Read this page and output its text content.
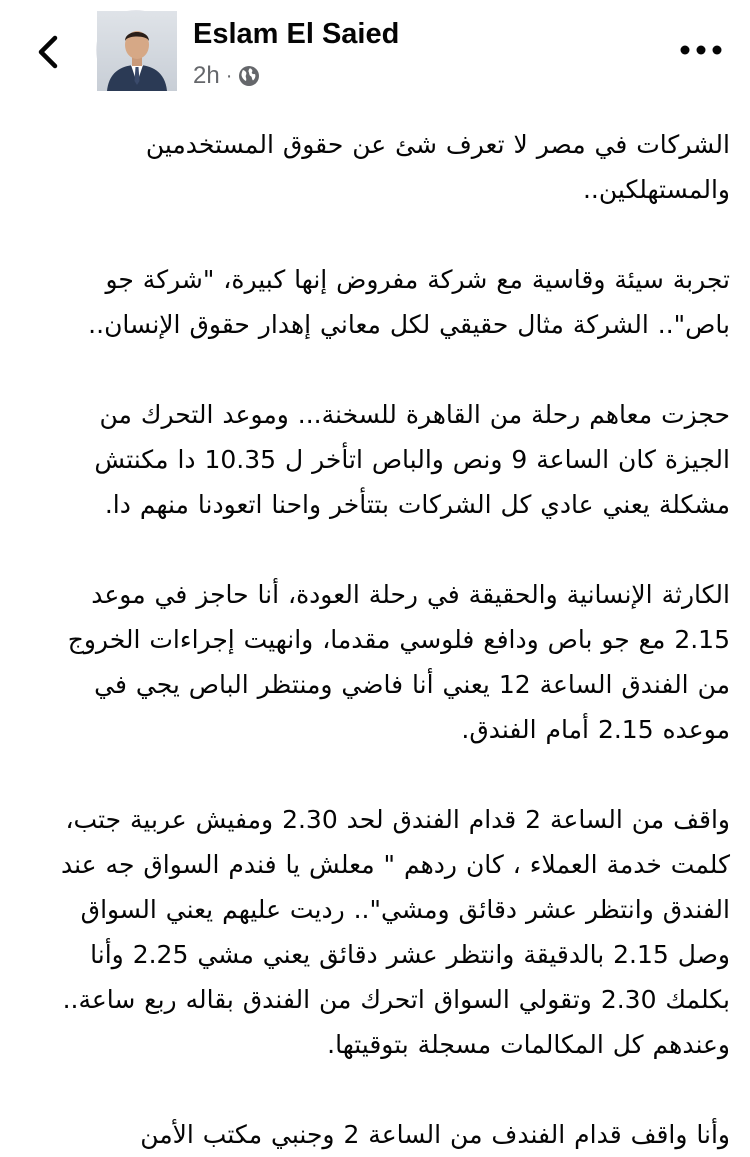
Eslam El Saied
2h ·

الشركات في مصر لا تعرف شئ عن حقوق المستخدمين والمستهلكين..

تجربة سيئة وقاسية مع شركة مفروض إنها كبيرة، "شركة جو باص".. الشركة مثال حقيقي لكل معاني إهدار حقوق الإنسان..

حجزت معاهم رحلة من القاهرة للسخنة... وموعد التحرك من الجيزة كان الساعة 9 ونص والباص اتأخر ل 10.35 دا مكنتش مشكلة يعني عادي كل الشركات بتتأخر واحنا اتعودنا منهم دا.

الكارثة الإنسانية والحقيقة في رحلة العودة، أنا حاجز في موعد 2.15 مع جو باص ودافع فلوسي مقدما، وانهيت إجراءات الخروج من الفندق الساعة 12 يعني أنا فاضي ومنتظر الباص يجي في موعده 2.15 أمام الفندق.

واقف من الساعة 2 قدام الفندق لحد 2.30 ومفيش عربية جتب، كلمت خدمة العملاء ، كان ردهم " معلش يا فندم السواق جه عند الفندق وانتظر عشر دقائق ومشي".. رديت عليهم يعني السواق وصل 2.15 بالدقيقة وانتظر عشر دقائق يعني مشي 2.25 وأنا بكلمك 2.30 وتقولي السواق اتحرك من الفندق بقاله ربع ساعة.. وعندهم كل المكالمات مسجلة بتوقيتها.

وأنا واقف قدام الفندف من الساعة 2 وجنبي مكتب الأمن
